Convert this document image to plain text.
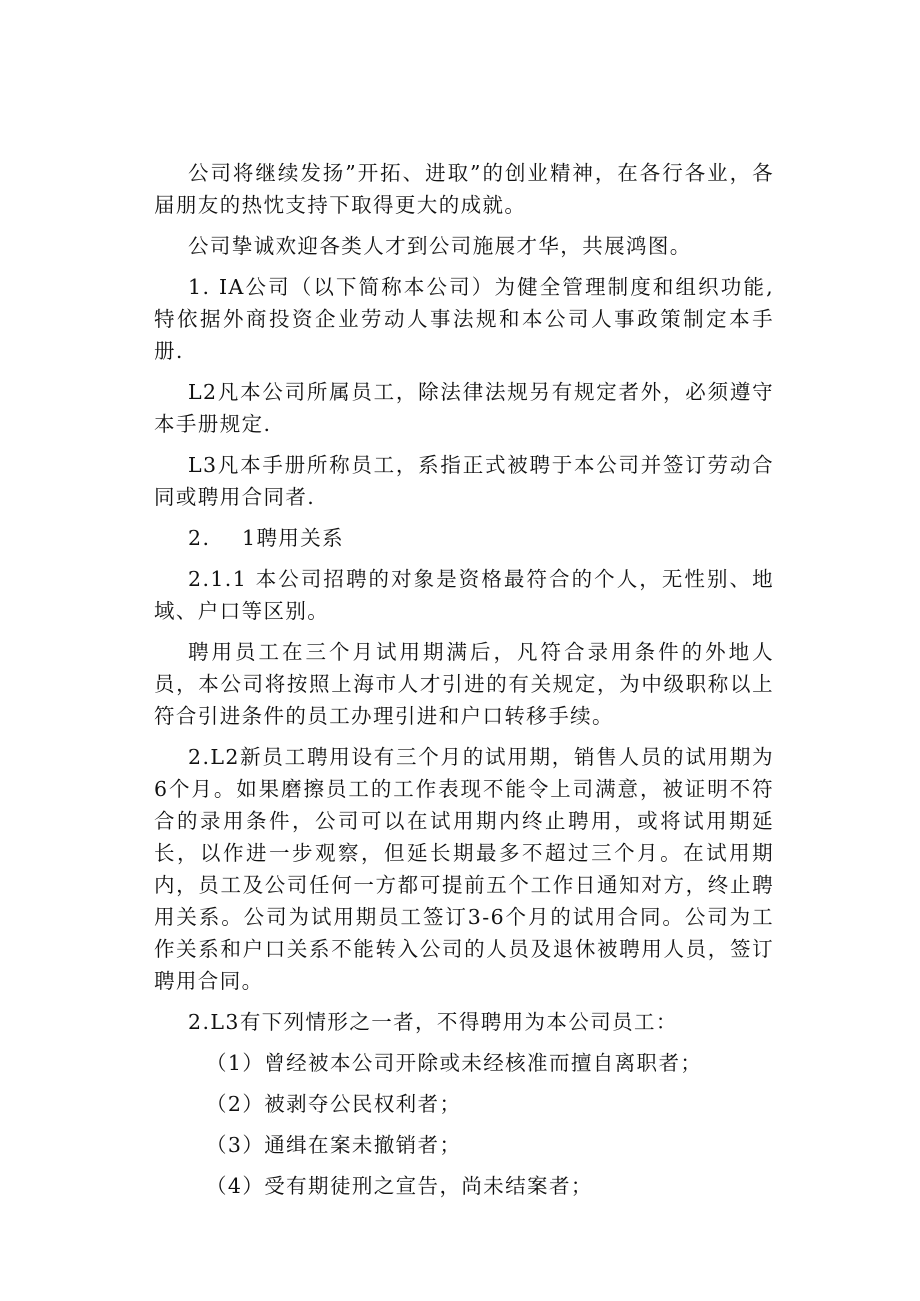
公司将继续发扬”开拓、进取”的创业精神，在各行各业，各届朋友的热忱支持下取得更大的成就。

公司挚诚欢迎各类人才到公司施展才华，共展鸿图。

1. IA公司（以下简称本公司）为健全管理制度和组织功能,特依据外商投资企业劳动人事法规和本公司人事政策制定本手册.

L2凡本公司所属员工，除法律法规另有规定者外，必须遵守本手册规定.

L3凡本手册所称员工，系指正式被聘于本公司并签订劳动合同或聘用合同者.

2.    1聘用关系

2.1.1 本公司招聘的对象是资格最符合的个人，无性别、地域、户口等区别。

聘用员工在三个月试用期满后，凡符合录用条件的外地人员，本公司将按照上海市人才引进的有关规定，为中级职称以上符合引进条件的员工办理引进和户口转移手续。

2.L2新员工聘用设有三个月的试用期，销售人员的试用期为6个月。如果磨擦员工的工作表现不能令上司满意，被证明不符合的录用条件，公司可以在试用期内终止聘用，或将试用期延长，以作进一步观察，但延长期最多不超过三个月。在试用期内，员工及公司任何一方都可提前五个工作日通知对方，终止聘用关系。公司为试用期员工签订3-6个月的试用合同。公司为工作关系和户口关系不能转入公司的人员及退休被聘用人员，签订聘用合同。

2.L3有下列情形之一者，不得聘用为本公司员工：

（1）曾经被本公司开除或未经核准而擅自离职者；

（2）被剥夺公民权利者；

（3）通缉在案未撤销者；

（4）受有期徒刑之宣告，尚未结案者；
